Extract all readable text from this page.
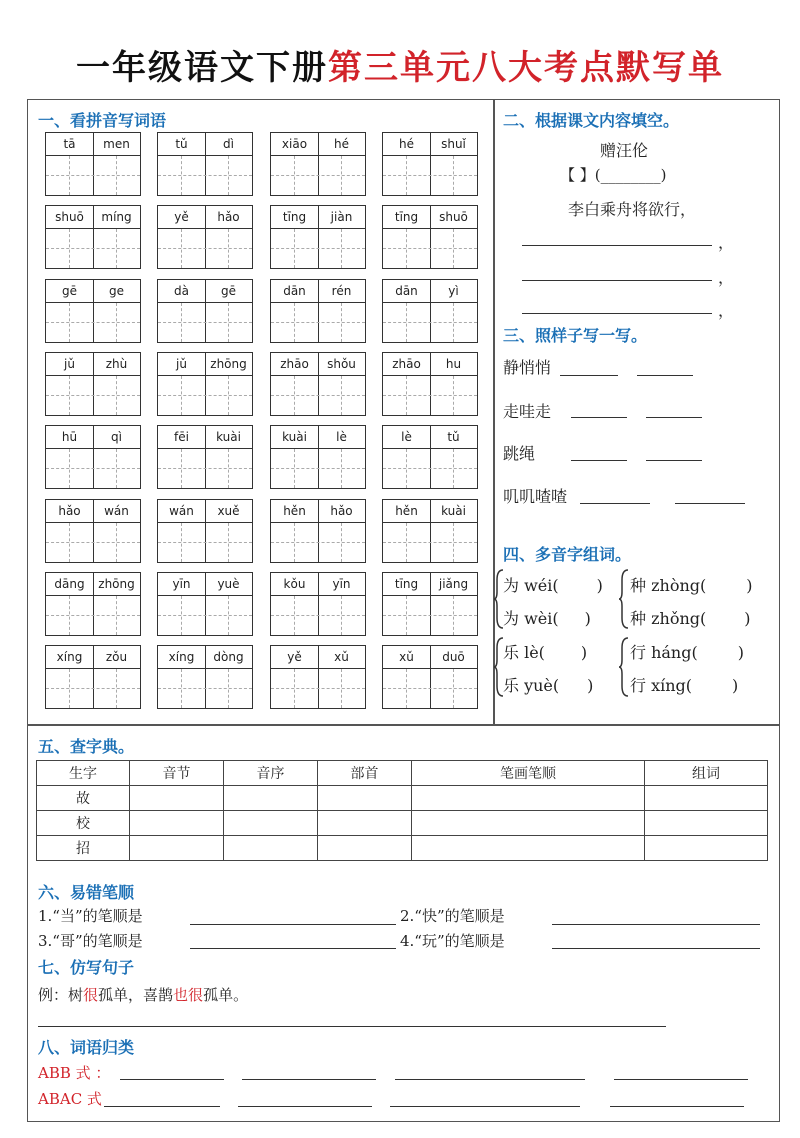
一年级语文下册第三单元八大考点默写单
一、看拼音写词语
tā	men	tǔ	dì	xiāo	hé	hé	shuǐ
shuō	míng	yě	hǎo	tīng	jiàn	tīng	shuō
gē	ge	dà	gē	dān	rén	dān	yì
jǔ	zhù	jǔ	zhōng	zhāo	shǒu	zhāo	hu
hū	qì	fēi	kuài	kuài	lè	lè	tǔ
hǎo	wán	wán	xuě	hěn	hǎo	hěn	kuài
dāng	zhōng	yīn	yuè	kǒu	yīn	tīng	jiǎng
xíng	zǒu	xíng	dòng	yě	xǔ	xǔ	duō
二、根据课文内容填空。
赠汪伦
【 】(________)
李白乘舟将欲行，
，
，
，
三、照样子写一写。
静悄悄
走哇走
跳绳
叽叽喳喳
四、多音字组词。
为 wéi( )
为 wèi( )
乐 lè( )
乐 yuè( )
种 zhòng(	)
种 zhǒng( )
行 háng(	)
行 xíng(	)
五、查字典。
生字	音节	音序	部首	笔画笔顺	组词
故					
校					
招					
六、易错笔顺
1.“当”的笔顺是	2.“快”的笔顺是
3.“哥”的笔顺是	4.“玩”的笔顺是
七、仿写句子
例：树很孤单，喜鹊也很孤单。
八、词语归类
ABB 式 ：
ABAC 式
